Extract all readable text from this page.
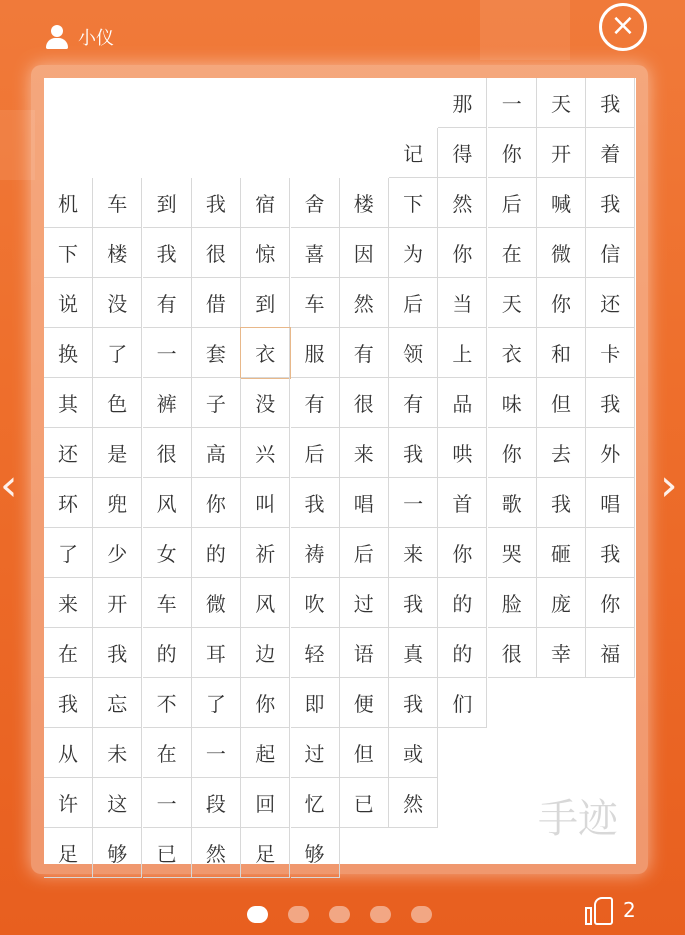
小仪	×
那	一	天	我
记	得	你	开	着
机	车	到	我	宿	舍	楼	下	然	后	喊	我
下	楼	我	很	惊	喜	因	为	你	在	微	信
说	没	有	借	到	车	然	后	当	天	你	还
换	了	一	套	衣	服	有	领	上	衣	和	卡
其	色	裤	子	没	有	很	有	品	味	但	我
还	是	很	高	兴	后	来	我	哄	你	去	外
环	兜	风	你	叫	我	唱	一	首	歌	我	唱
了	少	女	的	祈	祷	后	来	你	哭	砸	我
来	开	车	微	风	吹	过	我	的	脸	庞	你
在	我	的	耳	边	轻	语	真	的	很	幸	福
我	忘	不	了	你	即	便	我	们
从	未	在	一	起	过	但	或
许	这	一	段	回	忆	已	然
足	够	已	然	足	够
手迹
‹	›
2
